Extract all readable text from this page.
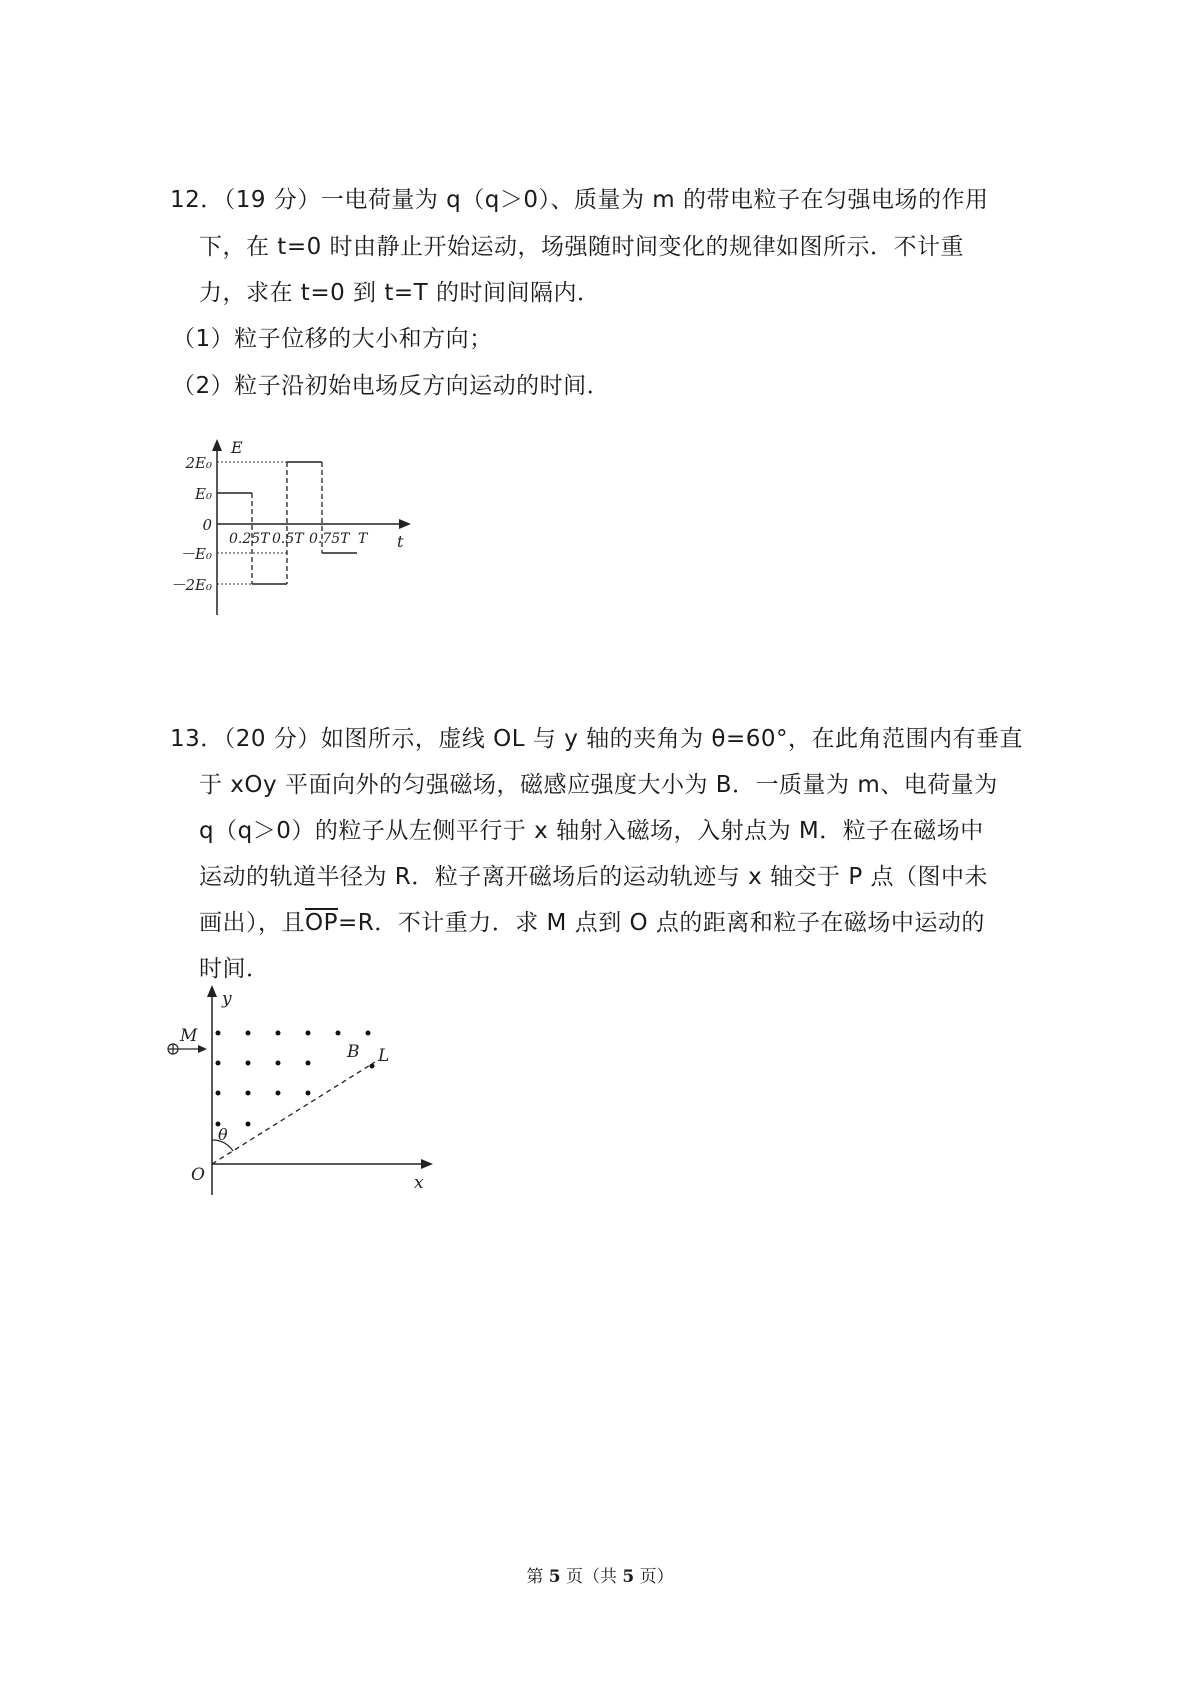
12．（19 分）一电荷量为 q（q＞0）、质量为 m 的带电粒子在匀强电场的作用
下，在 t=0 时由静止开始运动，场强随时间变化的规律如图所示．不计重
力，求在 t=0 到 t=T 的时间间隔内．
（1）粒子位移的大小和方向；
（2）粒子沿初始电场反方向运动的时间．
E
t
2E₀
E₀
0
－E₀
－2E₀
0.25T 0.5T 0.75T T
13．（20 分）如图所示，虚线 OL 与 y 轴的夹角为 θ=60°，在此角范围内有垂直
于 xOy 平面向外的匀强磁场，磁感应强度大小为 B．一质量为 m、电荷量为
q（q＞0）的粒子从左侧平行于 x 轴射入磁场，入射点为 M．粒子在磁场中
运动的轨道半径为 R．粒子离开磁场后的运动轨迹与 x 轴交于 P 点（图中未
画出），且$\overline{OP}=R$．不计重力．求 M 点到 O 点的距离和粒子在磁场中运动的
时间．
y
x
O
M
B L
θ
第 5 页（共 5 页）
